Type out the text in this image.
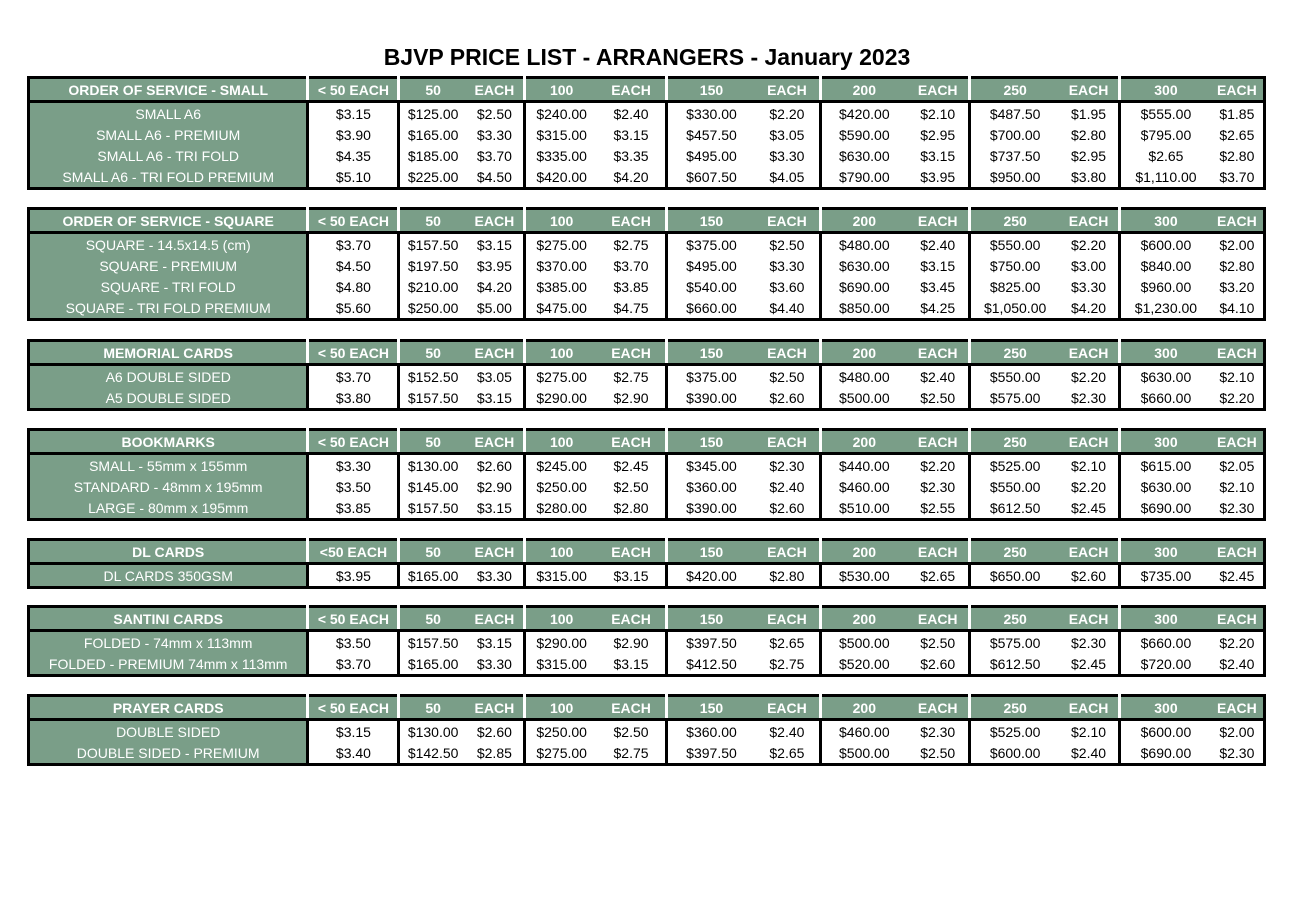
BJVP PRICE LIST - ARRANGERS - January 2023
ORDER OF SERVICE - SMALL	< 50 EACH	50	EACH	100	EACH	150	EACH	200	EACH	250	EACH	300	EACH
SMALL A6	$3.15	$125.00	$2.50	$240.00	$2.40	$330.00	$2.20	$420.00	$2.10	$487.50	$1.95	$555.00	$1.85
SMALL A6 - PREMIUM	$3.90	$165.00	$3.30	$315.00	$3.15	$457.50	$3.05	$590.00	$2.95	$700.00	$2.80	$795.00	$2.65
SMALL A6 - TRI FOLD	$4.35	$185.00	$3.70	$335.00	$3.35	$495.00	$3.30	$630.00	$3.15	$737.50	$2.95	$2.65	$2.80
SMALL A6 - TRI FOLD PREMIUM	$5.10	$225.00	$4.50	$420.00	$4.20	$607.50	$4.05	$790.00	$3.95	$950.00	$3.80	$1,110.00	$3.70
ORDER OF SERVICE - SQUARE	< 50 EACH	50	EACH	100	EACH	150	EACH	200	EACH	250	EACH	300	EACH
SQUARE - 14.5x14.5 (cm)	$3.70	$157.50	$3.15	$275.00	$2.75	$375.00	$2.50	$480.00	$2.40	$550.00	$2.20	$600.00	$2.00
SQUARE - PREMIUM	$4.50	$197.50	$3.95	$370.00	$3.70	$495.00	$3.30	$630.00	$3.15	$750.00	$3.00	$840.00	$2.80
SQUARE - TRI FOLD	$4.80	$210.00	$4.20	$385.00	$3.85	$540.00	$3.60	$690.00	$3.45	$825.00	$3.30	$960.00	$3.20
SQUARE - TRI FOLD PREMIUM	$5.60	$250.00	$5.00	$475.00	$4.75	$660.00	$4.40	$850.00	$4.25	$1,050.00	$4.20	$1,230.00	$4.10
MEMORIAL CARDS	< 50 EACH	50	EACH	100	EACH	150	EACH	200	EACH	250	EACH	300	EACH
A6 DOUBLE SIDED	$3.70	$152.50	$3.05	$275.00	$2.75	$375.00	$2.50	$480.00	$2.40	$550.00	$2.20	$630.00	$2.10
A5 DOUBLE SIDED	$3.80	$157.50	$3.15	$290.00	$2.90	$390.00	$2.60	$500.00	$2.50	$575.00	$2.30	$660.00	$2.20
BOOKMARKS	< 50 EACH	50	EACH	100	EACH	150	EACH	200	EACH	250	EACH	300	EACH
SMALL - 55mm x 155mm	$3.30	$130.00	$2.60	$245.00	$2.45	$345.00	$2.30	$440.00	$2.20	$525.00	$2.10	$615.00	$2.05
STANDARD - 48mm x 195mm	$3.50	$145.00	$2.90	$250.00	$2.50	$360.00	$2.40	$460.00	$2.30	$550.00	$2.20	$630.00	$2.10
LARGE - 80mm x 195mm	$3.85	$157.50	$3.15	$280.00	$2.80	$390.00	$2.60	$510.00	$2.55	$612.50	$2.45	$690.00	$2.30
DL CARDS	<50 EACH	50	EACH	100	EACH	150	EACH	200	EACH	250	EACH	300	EACH
DL CARDS 350GSM	$3.95	$165.00	$3.30	$315.00	$3.15	$420.00	$2.80	$530.00	$2.65	$650.00	$2.60	$735.00	$2.45
SANTINI CARDS	< 50 EACH	50	EACH	100	EACH	150	EACH	200	EACH	250	EACH	300	EACH
FOLDED - 74mm x 113mm	$3.50	$157.50	$3.15	$290.00	$2.90	$397.50	$2.65	$500.00	$2.50	$575.00	$2.30	$660.00	$2.20
FOLDED - PREMIUM 74mm x 113mm	$3.70	$165.00	$3.30	$315.00	$3.15	$412.50	$2.75	$520.00	$2.60	$612.50	$2.45	$720.00	$2.40
PRAYER CARDS	< 50 EACH	50	EACH	100	EACH	150	EACH	200	EACH	250	EACH	300	EACH
DOUBLE SIDED	$3.15	$130.00	$2.60	$250.00	$2.50	$360.00	$2.40	$460.00	$2.30	$525.00	$2.10	$600.00	$2.00
DOUBLE SIDED - PREMIUM	$3.40	$142.50	$2.85	$275.00	$2.75	$397.50	$2.65	$500.00	$2.50	$600.00	$2.40	$690.00	$2.30
